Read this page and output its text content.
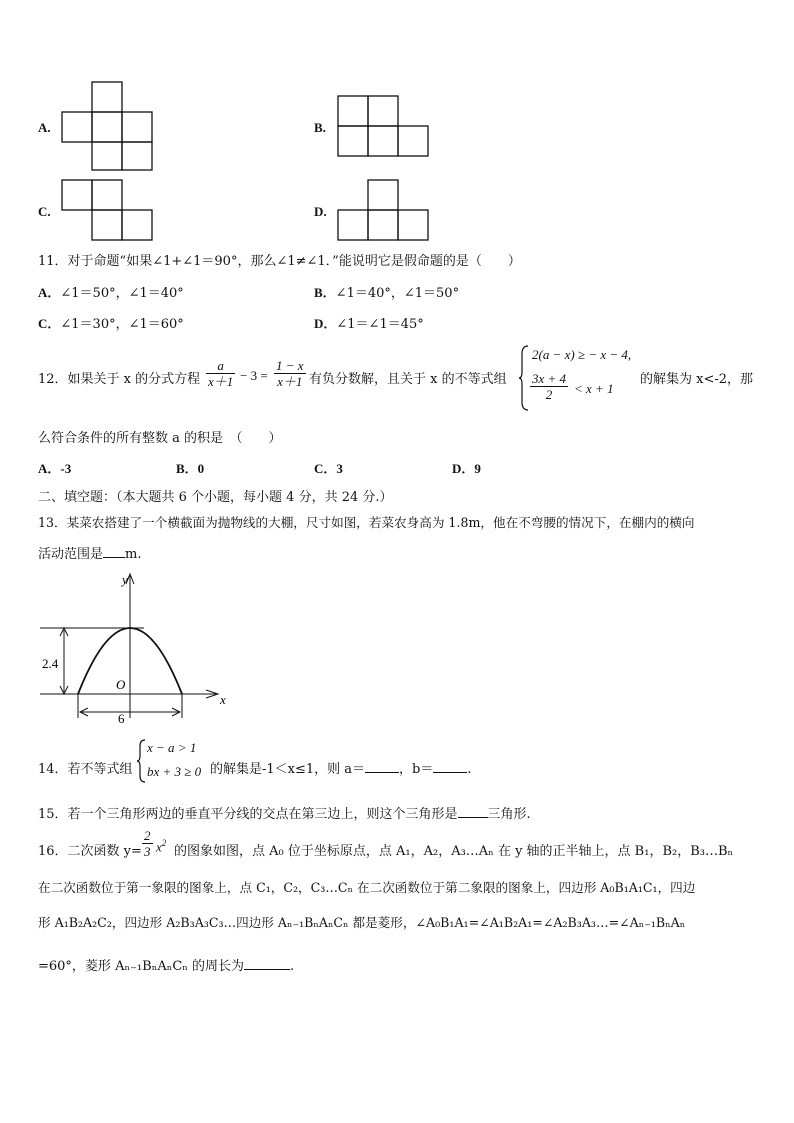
A.	B.
C.	D.
11．对于命题“如果∠1+∠1＝90°，那么∠1≠∠1．”能说明它是假命题的是（　　）
A．∠1＝50°，∠1＝40°	B．∠1＝40°，∠1＝50°
C．∠1＝30°，∠1＝60°	D．∠1＝∠1＝45°
12．如果关于 x 的分式方程 $\frac{a}{x+1} - 3 = \frac{1 - x}{x+1}$ 有负分数解，且关于 x 的不等式组
2(a − x) ≥ − x − 4,
$\frac{3x + 4}{2} < x + 1$
的解集为 x<-2，那
么符合条件的所有整数 a 的积是　（　　）
A．-3	B．0	C．3	D．9
二、填空题：（本大题共 6 个小题，每小题 4 分，共 24 分.）
13．某菜农搭建了一个横截面为抛物线的大棚，尺寸如图，若菜农身高为 1.8m，他在不弯腰的情况下，在棚内的横向
活动范围是 m.
y
x
O
2.4
6
14．若不等式组
x − a > 1
bx + 3 ≥ 0 的解集是-1＜x≤1，则 a＝	，b＝	.
15．若一个三角形两边的垂直平分线的交点在第三边上，则这个三角形是 三角形.
16．二次函数 $y= \frac{2}{3} x^2$
的图象如图，点 A₀ 位于坐标原点，点 A₁，A₂，A₃…Aₙ 在 y 轴的正半轴上，点 B₁，B₂，B₃…Bₙ
在二次函数位于第一象限的图象上，点 C₁，C₂，C₃…Cₙ 在二次函数位于第二象限的图象上，四边形 A₀B₁A₁C₁，四边
形 A₁B₂A₂C₂，四边形 A₂B₃A₃C₃…四边形 Aₙ₋₁BₙAₙCₙ 都是菱形，∠A₀B₁A₁=∠A₁B₂A₁=∠A₂B₃A₃…=∠Aₙ₋₁BₙAₙ
=60°，菱形 Aₙ₋₁BₙAₙCₙ 的周长为	.
